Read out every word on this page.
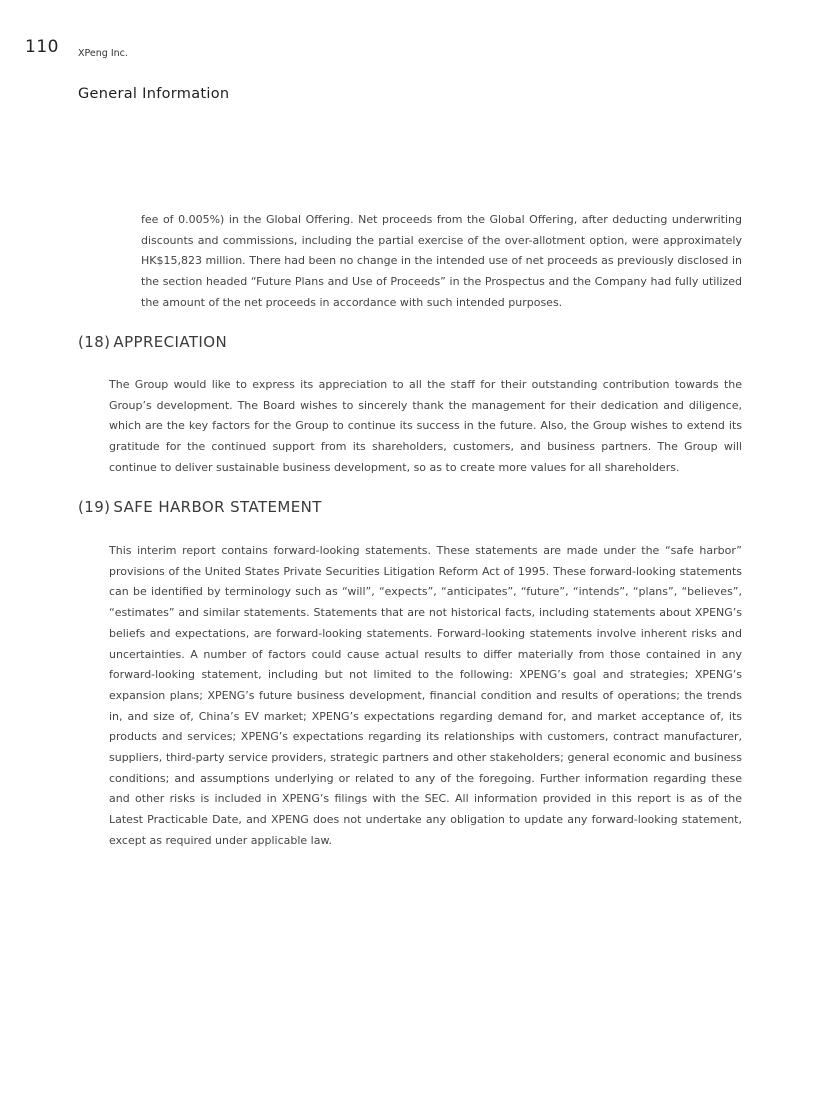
110 XPeng Inc.
General Information

fee of 0.005%) in the Global Offering. Net proceeds from the Global Offering, after deducting underwriting discounts and commissions, including the partial exercise of the over-allotment option, were approximately HK$15,823 million. There had been no change in the intended use of net proceeds as previously disclosed in the section headed “Future Plans and Use of Proceeds” in the Prospectus and the Company had fully utilized the amount of the net proceeds in accordance with such intended purposes.

(18) APPRECIATION

The Group would like to express its appreciation to all the staff for their outstanding contribution towards the Group’s development. The Board wishes to sincerely thank the management for their dedication and diligence, which are the key factors for the Group to continue its success in the future. Also, the Group wishes to extend its gratitude for the continued support from its shareholders, customers, and business partners. The Group will continue to deliver sustainable business development, so as to create more values for all shareholders.

(19) SAFE HARBOR STATEMENT

This interim report contains forward-looking statements. These statements are made under the “safe harbor” provisions of the United States Private Securities Litigation Reform Act of 1995. These forward-looking statements can be identified by terminology such as “will”, “expects”, “anticipates”, “future”, “intends”, “plans”, “believes”, “estimates” and similar statements. Statements that are not historical facts, including statements about XPENG’s beliefs and expectations, are forward-looking statements. Forward-looking statements involve inherent risks and uncertainties. A number of factors could cause actual results to differ materially from those contained in any forward-looking statement, including but not limited to the following: XPENG’s goal and strategies; XPENG’s expansion plans; XPENG’s future business development, financial condition and results of operations; the trends in, and size of, China’s EV market; XPENG’s expectations regarding demand for, and market acceptance of, its products and services; XPENG’s expectations regarding its relationships with customers, contract manufacturer, suppliers, third-party service providers, strategic partners and other stakeholders; general economic and business conditions; and assumptions underlying or related to any of the foregoing. Further information regarding these and other risks is included in XPENG’s filings with the SEC. All information provided in this report is as of the Latest Practicable Date, and XPENG does not undertake any obligation to update any forward-looking statement, except as required under applicable law.
